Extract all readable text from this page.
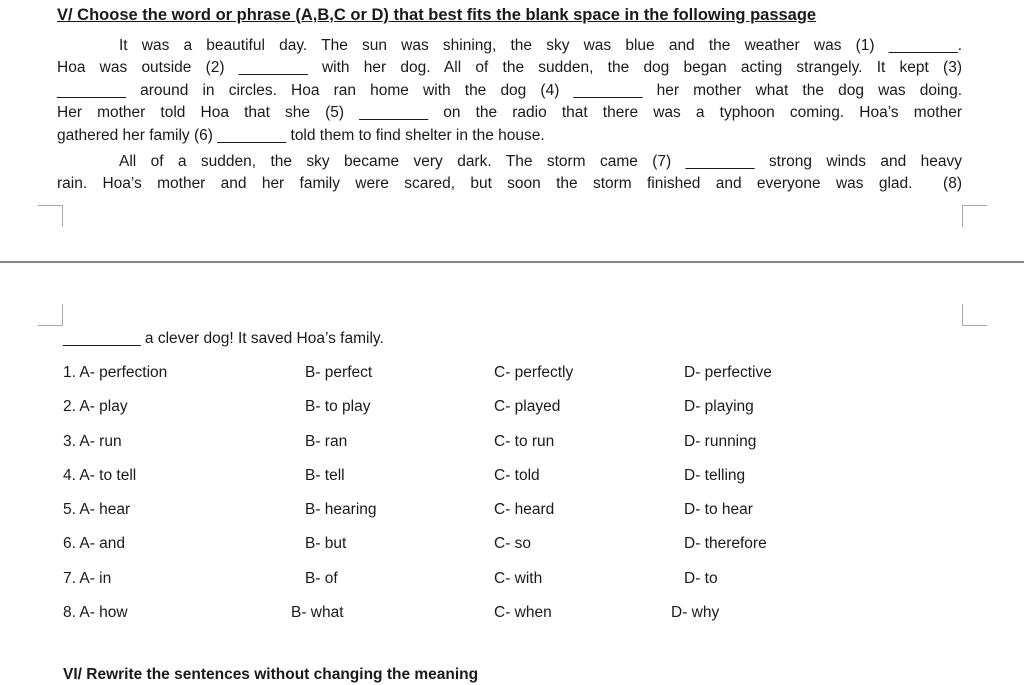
V/ Choose the word or phrase (A,B,C or D) that best fits the blank space in the following passage
It was a beautiful day. The sun was shining, the sky was blue and the weather was (1) ________.
Hoa was outside (2) ________ with her dog. All of the sudden, the dog began acting strangely. It kept (3)
________ around in circles. Hoa ran home with the dog (4) ________ her mother what the dog was doing.
Her mother told Hoa that she (5) ________ on the radio that there was a typhoon coming. Hoa’s mother
gathered her family (6) ________ told them to find shelter in the house.
All of a sudden, the sky became very dark. The storm came (7) ________ strong winds and heavy
rain. Hoa’s mother and her family were scared, but soon the storm finished and everyone was glad.  (8)
_________ a clever dog! It saved Hoa’s family.
1. A- perfection	B- perfect	C- perfectly	D- perfective
2. A- play	B- to play	C- played	D- playing
3. A- run	B- ran	C- to run	D- running
4. A- to tell	B- tell	C- told	D- telling
5. A- hear	B- hearing	C- heard	D- to hear
6. A- and	B- but	C- so	D- therefore
7. A- in	B- of	C- with	D- to
8. A- how	B- what	C- when	D- why
VI/ Rewrite the sentences without changing the meaning
